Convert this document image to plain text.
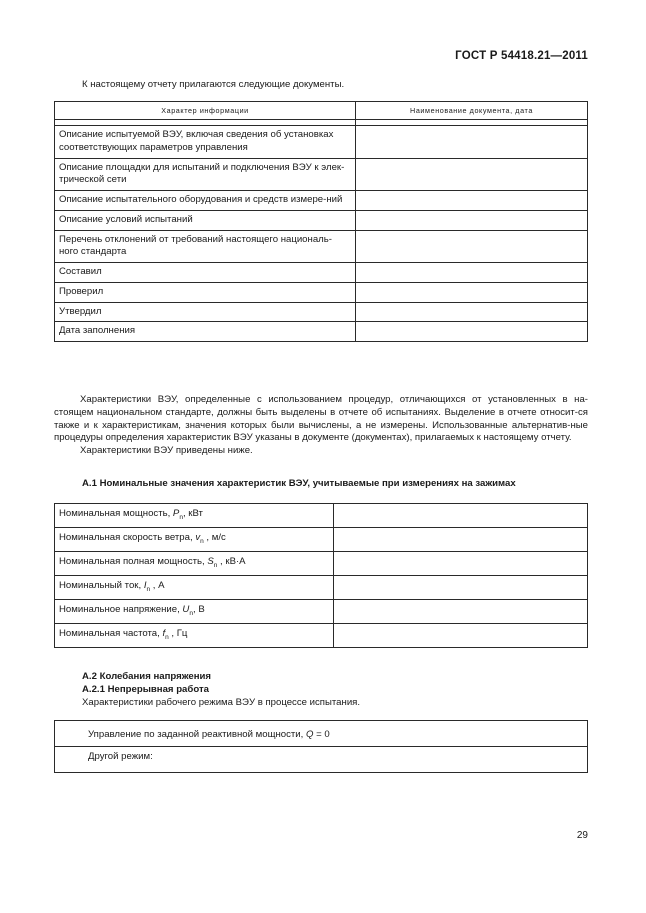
ГОСТ Р 54418.21—2011
К настоящему отчету прилагаются следующие документы.
Характер информации	Наименование документа, дата

Описание испытуемой ВЭУ, включая сведения об установках соответствующих параметров управления	
Описание площадки для испытаний и подключения ВЭУ к элек-трической сети	
Описание испытательного оборудования и средств измере-ний	
Описание условий испытаний	
Перечень отклонений от требований настоящего националь-ного стандарта	
Составил	
Проверил	
Утвердил	
Дата заполнения	

Характеристики ВЭУ, определенные с использованием процедур, отличающихся от установленных в на-стоящем национальном стандарте, должны быть выделены в отчете об испытаниях. Выделение в отчете относит-ся также и к характеристикам, значения которых были вычислены, а не измерены. Использованные альтернатив-ные процедуры определения характеристик ВЭУ указаны в документе (документах), прилагаемых к настоящему отчету.

Характеристики ВЭУ приведены ниже.

А.1 Номинальные значения характеристик ВЭУ, учитываемые при измерениях на зажимах
Номинальная мощность, $P_n$, кВт	
Номинальная скорость ветра, $v_n$ , м/с	
Номинальная полная мощность, $S_n$ , кВ·А	
Номинальный ток, $I_n$ , А	
Номинальное напряжение, $U_n$, В	
Номинальная частота, $f_n$ , Гц	
А.2 Колебания напряжения
А.2.1 Непрерывная работа
Характеристики рабочего режима ВЭУ в процессе испытания.
Управление по заданной реактивной мощности, Q = 0
Другой режим:
29
